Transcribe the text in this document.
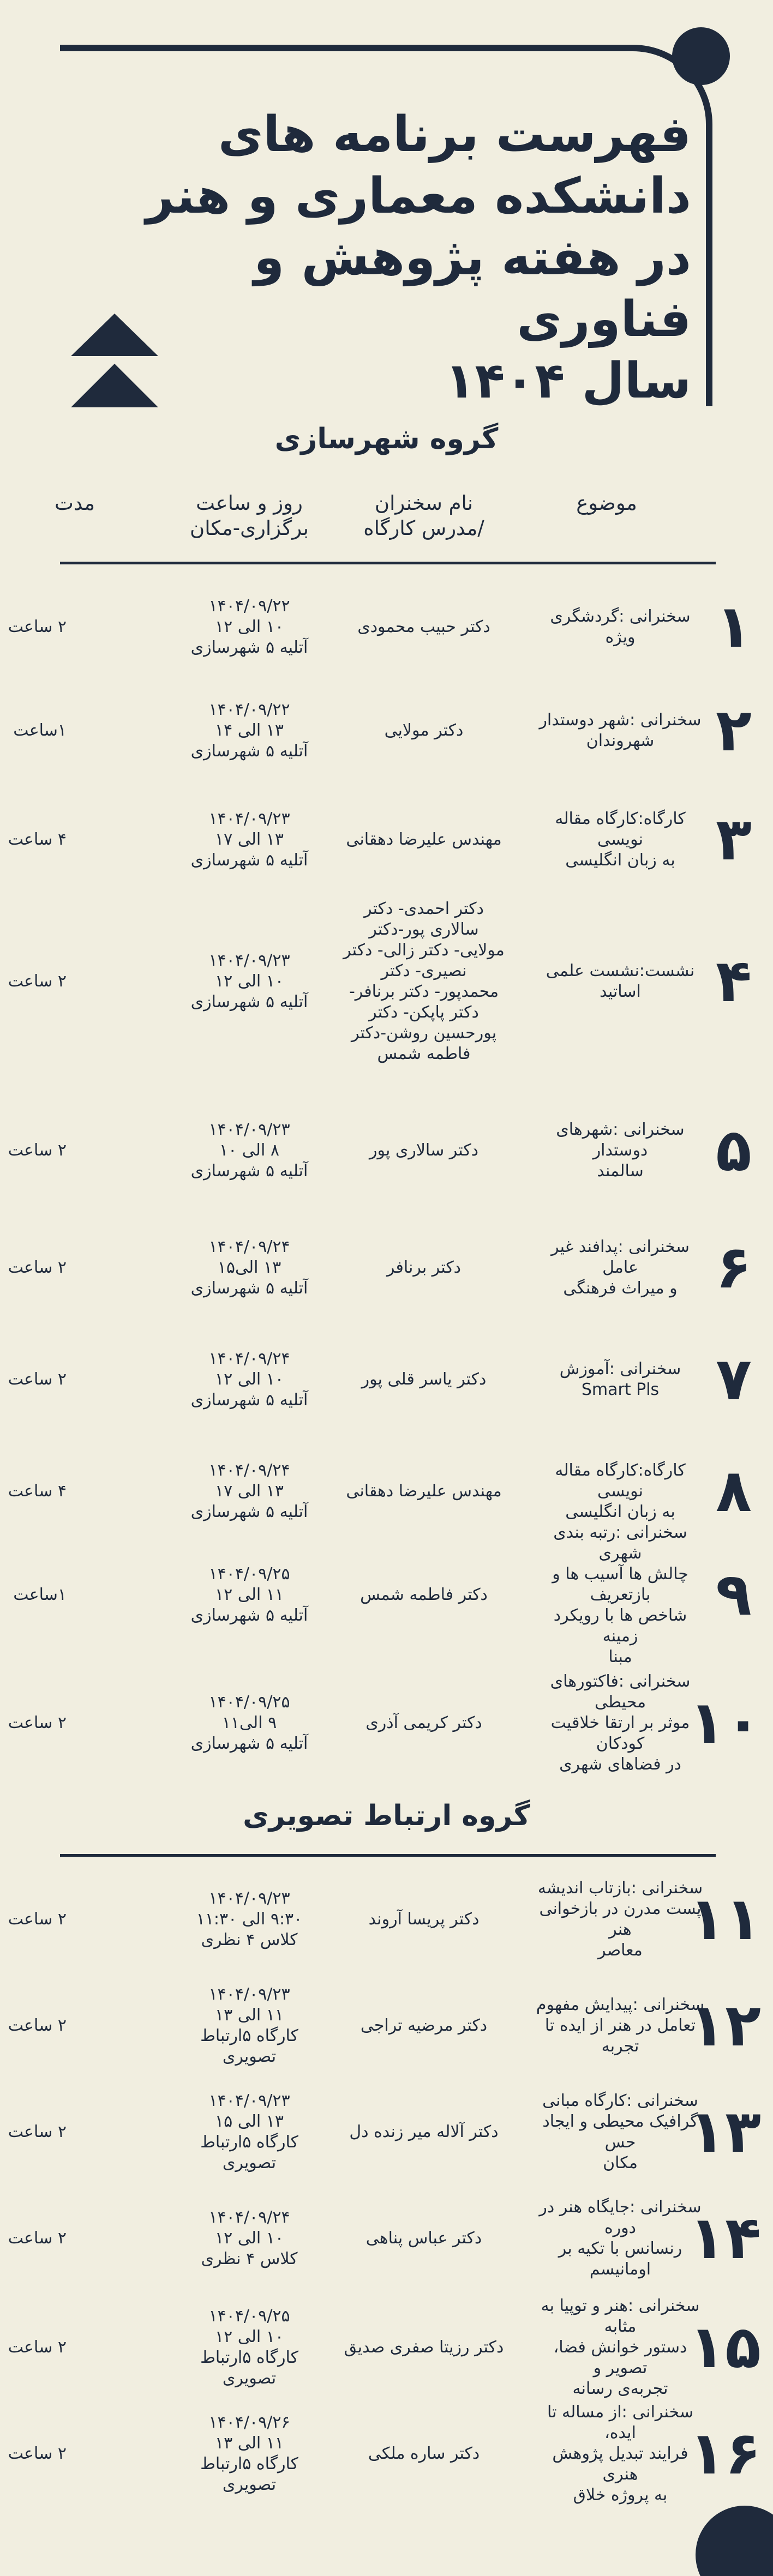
فهرست برنامه های
دانشکده معماری و هنر
در هفته پژوهش و فناوری
سال ۱۴۰۴
گروه شهرسازی
موضوع
نام سخنران
/مدرس کارگاه
روز و ساعت
برگزاری-مکان
مدت
گروه ارتباط تصویری
۱
سخنرانی :گردشگری ویژه
دکتر حبیب محمودی
۱۴۰۴/۰۹/۲۲
۱۰ الی ۱۲
آتلیه ۵ شهرسازی
۲ ساعت
۲
سخنرانی :شهر دوستدار
شهروندان
دکتر مولایی
۱۴۰۴/۰۹/۲۲
۱۳ الی ۱۴
آتلیه ۵ شهرسازی
۱ساعت
۳
کارگاه:کارگاه مقاله نویسی
به زبان انگلیسی
مهندس علیرضا دهقانی
۱۴۰۴/۰۹/۲۳
۱۳ الی ۱۷
آتلیه ۵ شهرسازی
۴ ساعت
۴
نشست:نشست علمی
اساتید
دکتر احمدی- دکتر
سالاری پور-دکتر
مولایی- دکتر زالی- دکتر
نصیری- دکتر
محمدپور- دکتر برنافر-
دکتر پاپکن- دکتر
پورحسین روشن-دکتر
فاطمه شمس
۱۴۰۴/۰۹/۲۳
۱۰ الی ۱۲
آتلیه ۵ شهرسازی
۲ ساعت
۵
سخنرانی :شهرهای دوستدار
سالمند
دکتر سالاری پور
۱۴۰۴/۰۹/۲۳
۸ الی ۱۰
آتلیه ۵ شهرسازی
۲ ساعت
۶
سخنرانی :پدافند غیر عامل
و میراث فرهنگی
دکتر برنافر
۱۴۰۴/۰۹/۲۴
۱۳ الی۱۵
آتلیه ۵ شهرسازی
۲ ساعت
۷
سخنرانی :آموزش Smart Pls
دکتر یاسر قلی پور
۱۴۰۴/۰۹/۲۴
۱۰ الی ۱۲
آتلیه ۵ شهرسازی
۲ ساعت
۸
کارگاه:کارگاه مقاله نویسی
به زبان انگلیسی
مهندس علیرضا دهقانی
۱۴۰۴/۰۹/۲۴
۱۳ الی ۱۷
آتلیه ۵ شهرسازی
۴ ساعت
۹
سخنرانی :رتبه بندی شهری
چالش ها آسیب ها و بازتعریف
شاخص ها با رویکرد زمینه
مبنا
دکتر فاطمه شمس
۱۴۰۴/۰۹/۲۵
۱۱ الی ۱۲
آتلیه ۵ شهرسازی
۱ساعت
۱۰
سخنرانی :فاکتورهای محیطی
موثر بر ارتقا خلاقیت کودکان
در فضاهای شهری
دکتر کریمی آذری
۱۴۰۴/۰۹/۲۵
۹ الی۱۱
آتلیه ۵ شهرسازی
۲ ساعت
۱۱
سخنرانی :بازتاب اندیشه
پست مدرن در بازخوانی هنر
معاصر
دکتر پریسا آروند
۱۴۰۴/۰۹/۲۳
۹:۳۰ الی ۱۱:۳۰
کلاس ۴ نظری
۲ ساعت
۱۲
سخنرانی :پیدایش مفهوم
تعامل در هنر از ایده تا تجربه
دکتر مرضیه تراجی
۱۴۰۴/۰۹/۲۳
۱۱ الی ۱۳
کارگاه ۵ارتباط تصویری
۲ ساعت
۱۳
سخنرانی :کارگاه مبانی
گرافیک محیطی و ایجاد حس
مکان
دکتر آلاله میر زنده دل
۱۴۰۴/۰۹/۲۳
۱۳ الی ۱۵
کارگاه ۵ارتباط تصویری
۲ ساعت
۱۴
سخنرانی :جایگاه هنر در دوره
رنسانس با تکیه بر اومانیسم
دکتر عباس پناهی
۱۴۰۴/۰۹/۲۴
۱۰ الی ۱۲
کلاس ۴ نظری
۲ ساعت
۱۵
سخنرانی :هنر و توپیا به مثابه
دستور خوانش فضا، تصویر و
تجربه‌ی رسانه
دکتر رزیتا صفری صدیق
۱۴۰۴/۰۹/۲۵
۱۰ الی ۱۲
کارگاه ۵ارتباط تصویری
۲ ساعت
۱۶
سخنرانی :از مساله تا ایده،
فرایند تبدیل پژوهش هنری
به پروژه خلاق
دکتر ساره ملکی
۱۴۰۴/۰۹/۲۶
۱۱ الی ۱۳
کارگاه ۵ارتباط تصویری
۲ ساعت
